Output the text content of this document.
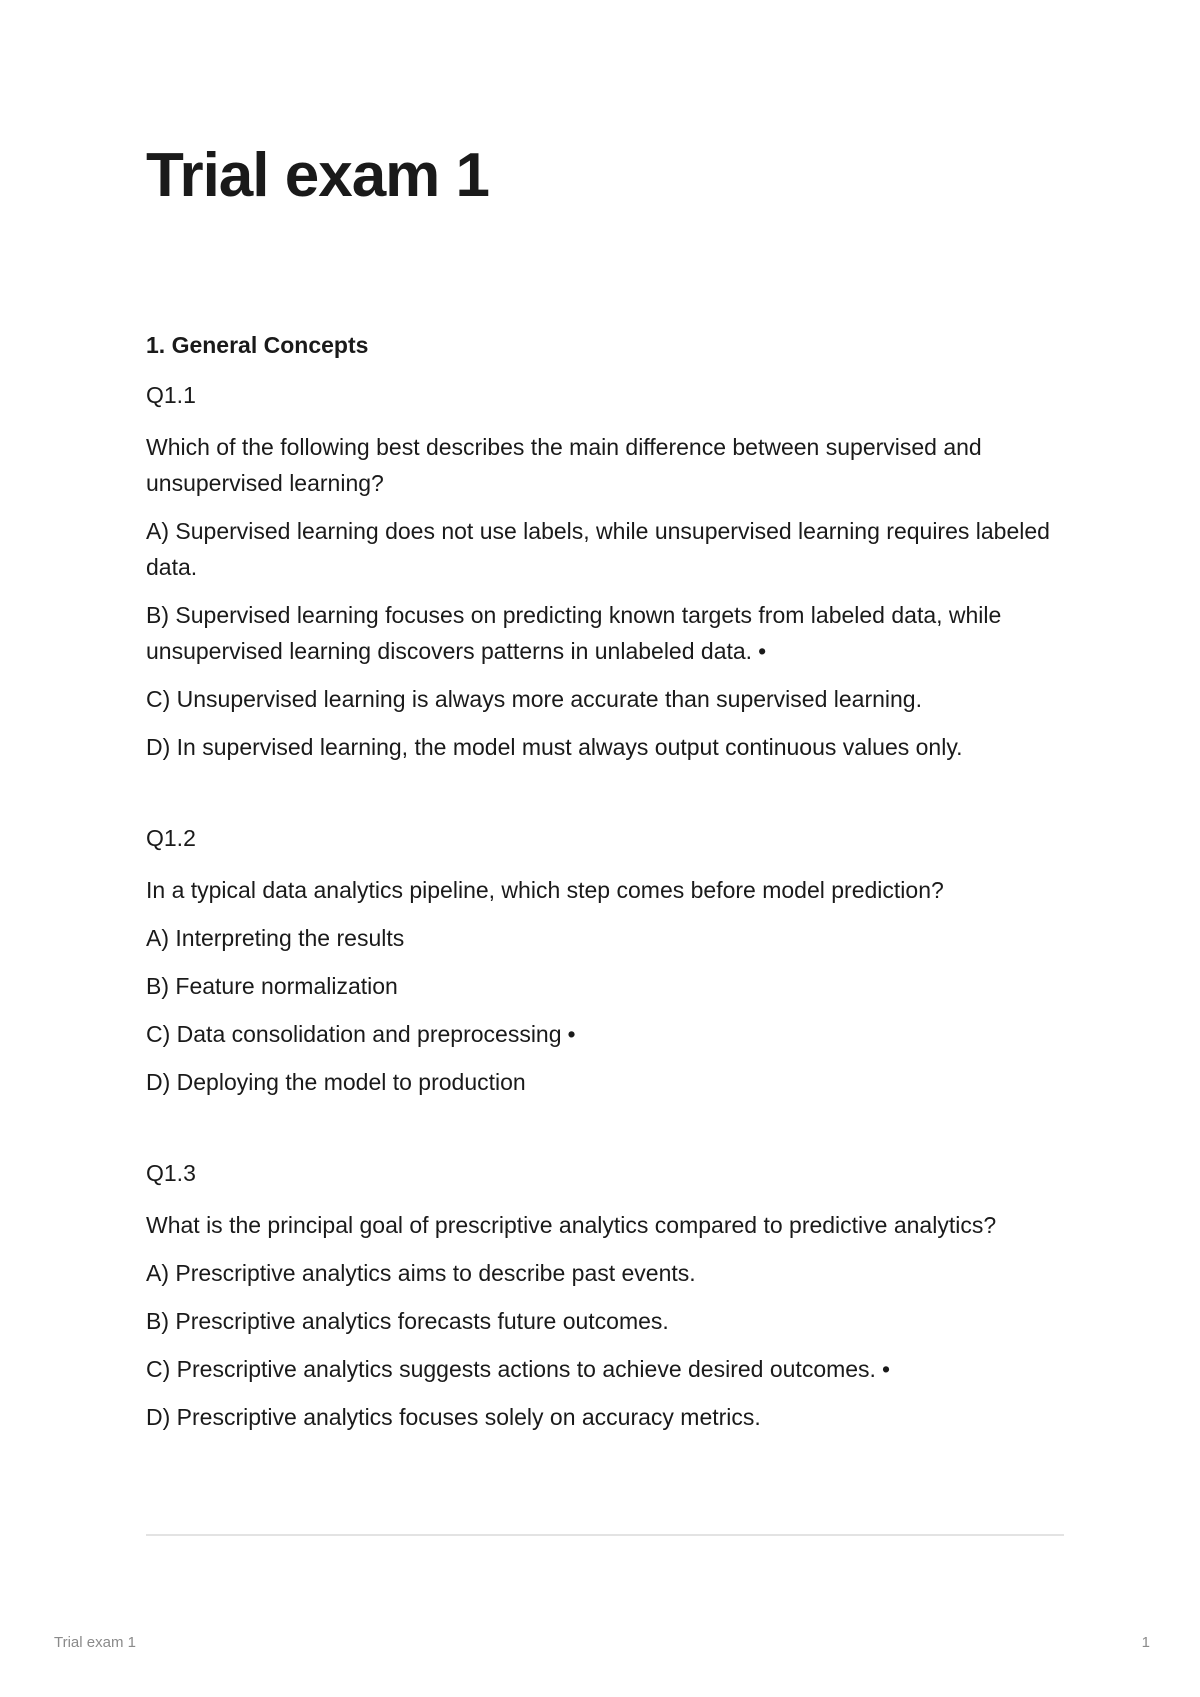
Trial exam 1
1. General Concepts
Q1.1
Which of the following best describes the main difference between supervised and unsupervised learning?
A) Supervised learning does not use labels, while unsupervised learning requires labeled data.
B) Supervised learning focuses on predicting known targets from labeled data, while unsupervised learning discovers patterns in unlabeled data. •
C) Unsupervised learning is always more accurate than supervised learning.
D) In supervised learning, the model must always output continuous values only.
Q1.2
In a typical data analytics pipeline, which step comes before model prediction?
A) Interpreting the results
B) Feature normalization
C) Data consolidation and preprocessing •
D) Deploying the model to production
Q1.3
What is the principal goal of prescriptive analytics compared to predictive analytics?
A) Prescriptive analytics aims to describe past events.
B) Prescriptive analytics forecasts future outcomes.
C) Prescriptive analytics suggests actions to achieve desired outcomes. •
D) Prescriptive analytics focuses solely on accuracy metrics.
Trial exam 1	1
